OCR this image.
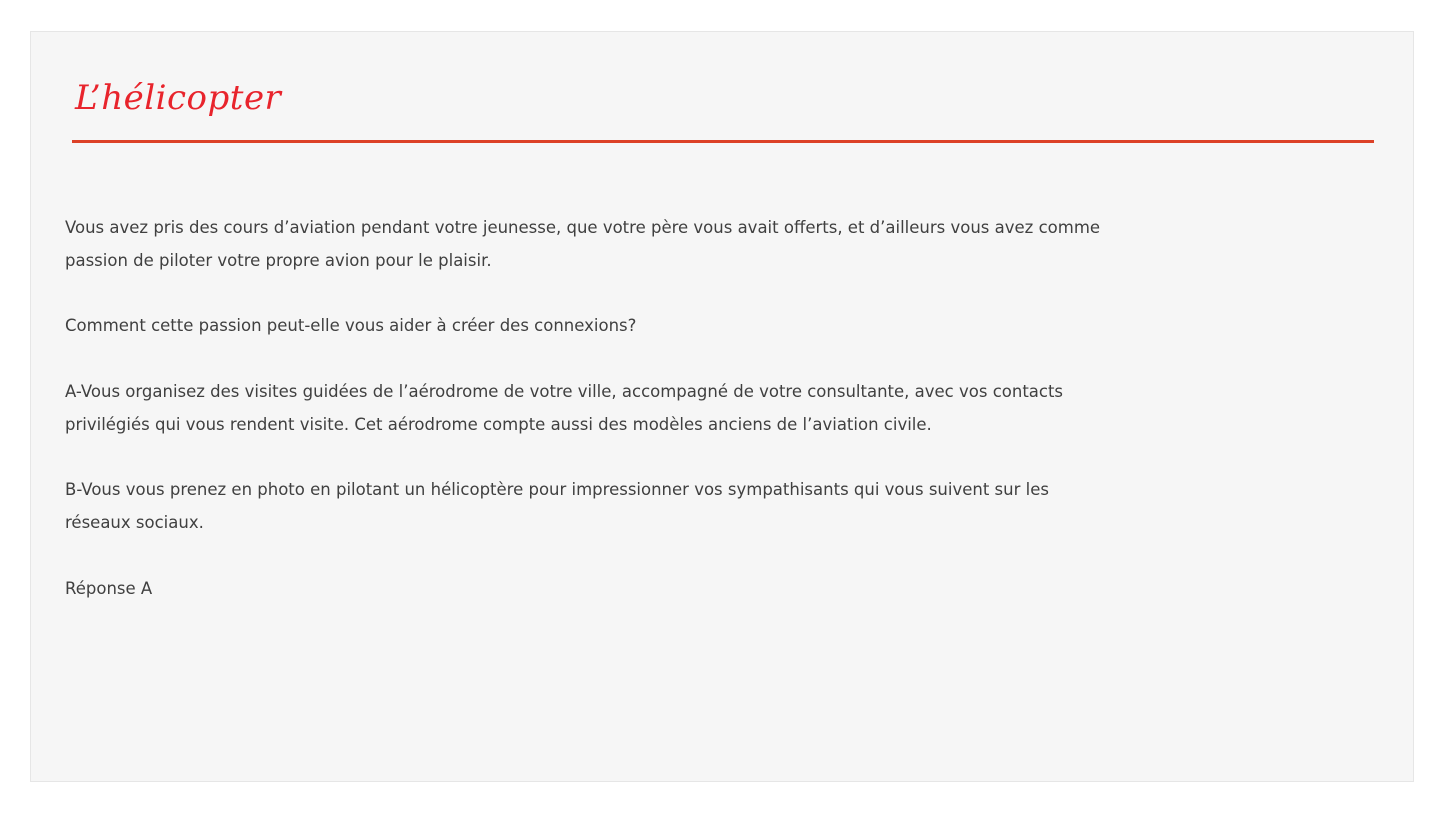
L’hélicopter

Vous avez pris des cours d’aviation pendant votre jeunesse, que votre père vous avait offerts, et d’ailleurs vous avez comme passion de piloter votre propre avion pour le plaisir.

Comment cette passion peut-elle vous aider à créer des connexions?

A-Vous organisez des visites guidées de l’aérodrome de votre ville, accompagné de votre consultante, avec vos contacts privilégiés qui vous rendent visite. Cet aérodrome compte aussi des modèles anciens de l’aviation civile.

B-Vous vous prenez en photo en pilotant un hélicoptère pour impressionner vos sympathisants qui vous suivent sur les réseaux sociaux.

Réponse A
